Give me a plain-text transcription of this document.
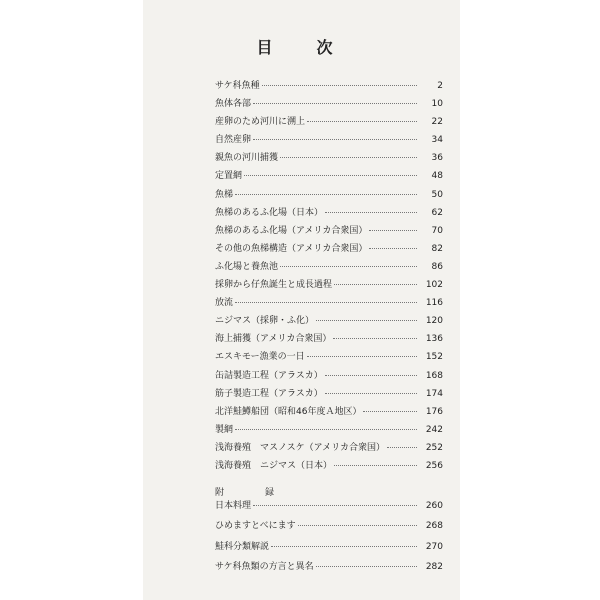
目　次
サケ科魚種	2
魚体各部	10
産卵のため河川に溯上	22
自然産卵	34
親魚の河川捕獲	36
定置網	48
魚梯	50
魚梯のあるふ化場（日本）	62
魚梯のあるふ化場（アメリカ合衆国）	70
その他の魚梯構造（アメリカ合衆国）	82
ふ化場と養魚池	86
採卵から仔魚誕生と成長過程	102
放流	116
ニジマス（採卵・ふ化）	120
海上捕獲（アメリカ合衆国）	136
エスキモー漁業の一日	152
缶詰製造工程（アラスカ）	168
筋子製造工程（アラスカ）	174
北洋鮭鱒船団（昭和46年度Ａ地区）	176
製網	242
浅海養殖　マスノスケ（アメリカ合衆国）	252
浅海養殖　ニジマス（日本）	256
附　録
日本料理	260
ひめますとべにます	268
鮭科分類解説	270
サケ科魚類の方言と異名	282
